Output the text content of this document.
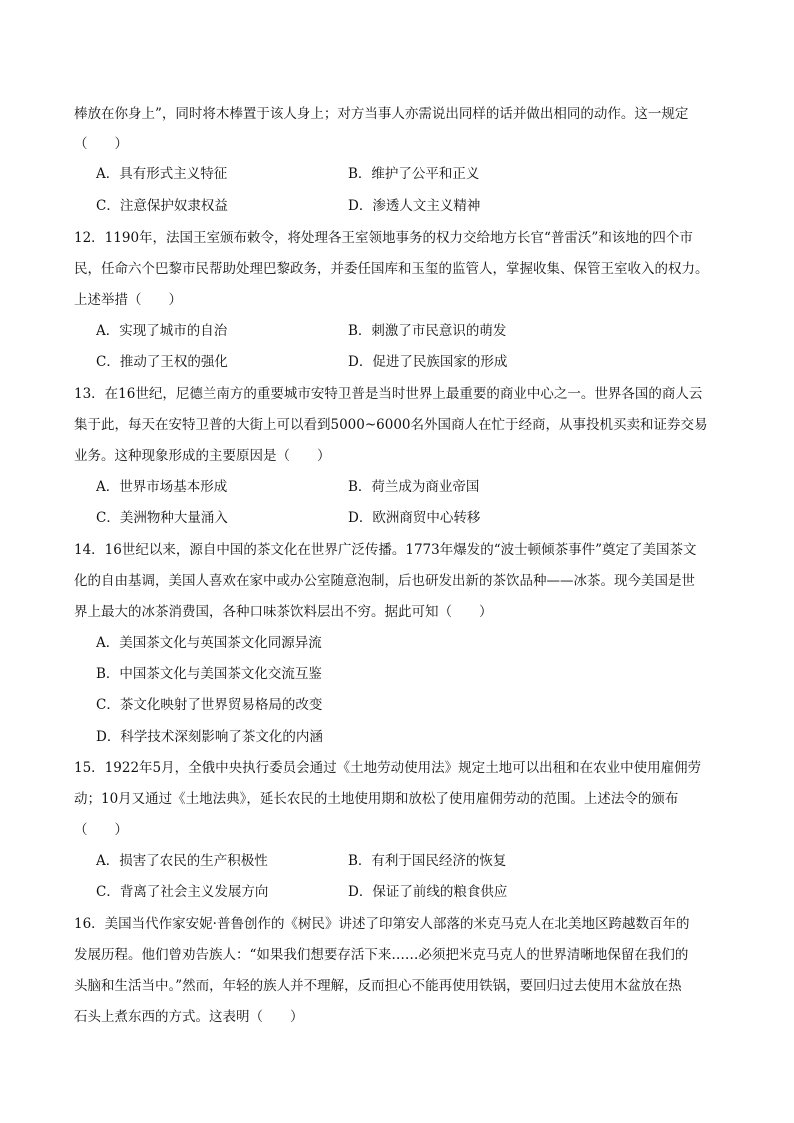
棒放在你身上”，同时将木棒置于该人身上；对方当事人亦需说出同样的话并做出相同的动作。这一规定
（　　）
A．具有形式主义特征	B．维护了公平和正义
C．注意保护奴隶权益	D．渗透人文主义精神
12．1190年，法国王室颁布敕令，将处理各王室领地事务的权力交给地方长官“普雷沃”和该地的四个市
民，任命六个巴黎市民帮助处理巴黎政务，并委任国库和玉玺的监管人，掌握收集、保管王室收入的权力。
上述举措（　　）
A．实现了城市的自治	B．刺激了市民意识的萌发
C．推动了王权的强化	D．促进了民族国家的形成
13．在16世纪，尼德兰南方的重要城市安特卫普是当时世界上最重要的商业中心之一。世界各国的商人云
集于此，每天在安特卫普的大街上可以看到5000~6000名外国商人在忙于经商，从事投机买卖和证券交易
业务。这种现象形成的主要原因是（　　）
A．世界市场基本形成	B．荷兰成为商业帝国
C．美洲物种大量涌入	D．欧洲商贸中心转移
14．16世纪以来，源自中国的茶文化在世界广泛传播。1773年爆发的“波士顿倾茶事件”奠定了美国茶文
化的自由基调，美国人喜欢在家中或办公室随意泡制，后也研发出新的茶饮品种——冰茶。现今美国是世
界上最大的冰茶消费国，各种口味茶饮料层出不穷。据此可知（　　）
A．美国茶文化与英国茶文化同源异流
B．中国茶文化与美国茶文化交流互鉴
C．茶文化映射了世界贸易格局的改变
D．科学技术深刻影响了茶文化的内涵
15．1922年5月，全俄中央执行委员会通过《土地劳动使用法》规定土地可以出租和在农业中使用雇佣劳
动；10月又通过《土地法典》，延长农民的土地使用期和放松了使用雇佣劳动的范围。上述法令的颁布
（　　）
A．损害了农民的生产积极性	B．有利于国民经济的恢复
C．背离了社会主义发展方向	D．保证了前线的粮食供应
16．美国当代作家安妮·普鲁创作的《树民》讲述了印第安人部落的米克马克人在北美地区跨越数百年的
发展历程。他们曾劝告族人：“如果我们想要存活下来……必须把米克马克人的世界清晰地保留在我们的
头脑和生活当中。”然而，年轻的族人并不理解，反而担心不能再使用铁锅，要回归过去使用木盆放在热
石头上煮东西的方式。这表明（　　）
